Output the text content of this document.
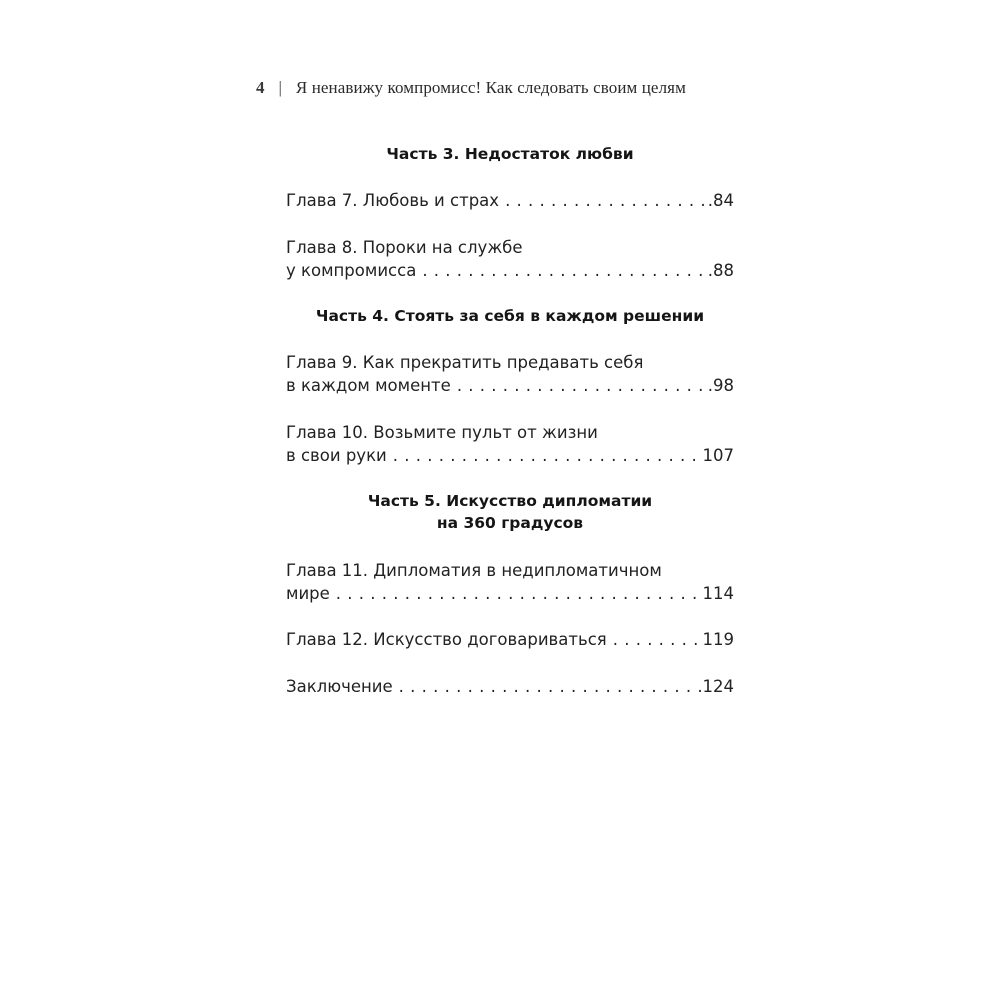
4 | Я ненавижу компромисс! Как следовать своим целям
Часть 3. Недостаток любви
Глава 7. Любовь и страх . . .	.84
Глава 8. Пороки на службе
у компромисса . . .	.88
Часть 4. Стоять за себя в каждом решении
Глава 9. Как прекратить предавать себя
в каждом моменте . . .	.98
Глава 10. Возьмите пульт от жизни
в свои руки . . .	107
Часть 5. Искусство дипломатии
на 360 градусов
Глава 11. Дипломатия в недипломатичном
мире . . .	114
Глава 12. Искусство договариваться . . .	119
Заключение . . .	124
